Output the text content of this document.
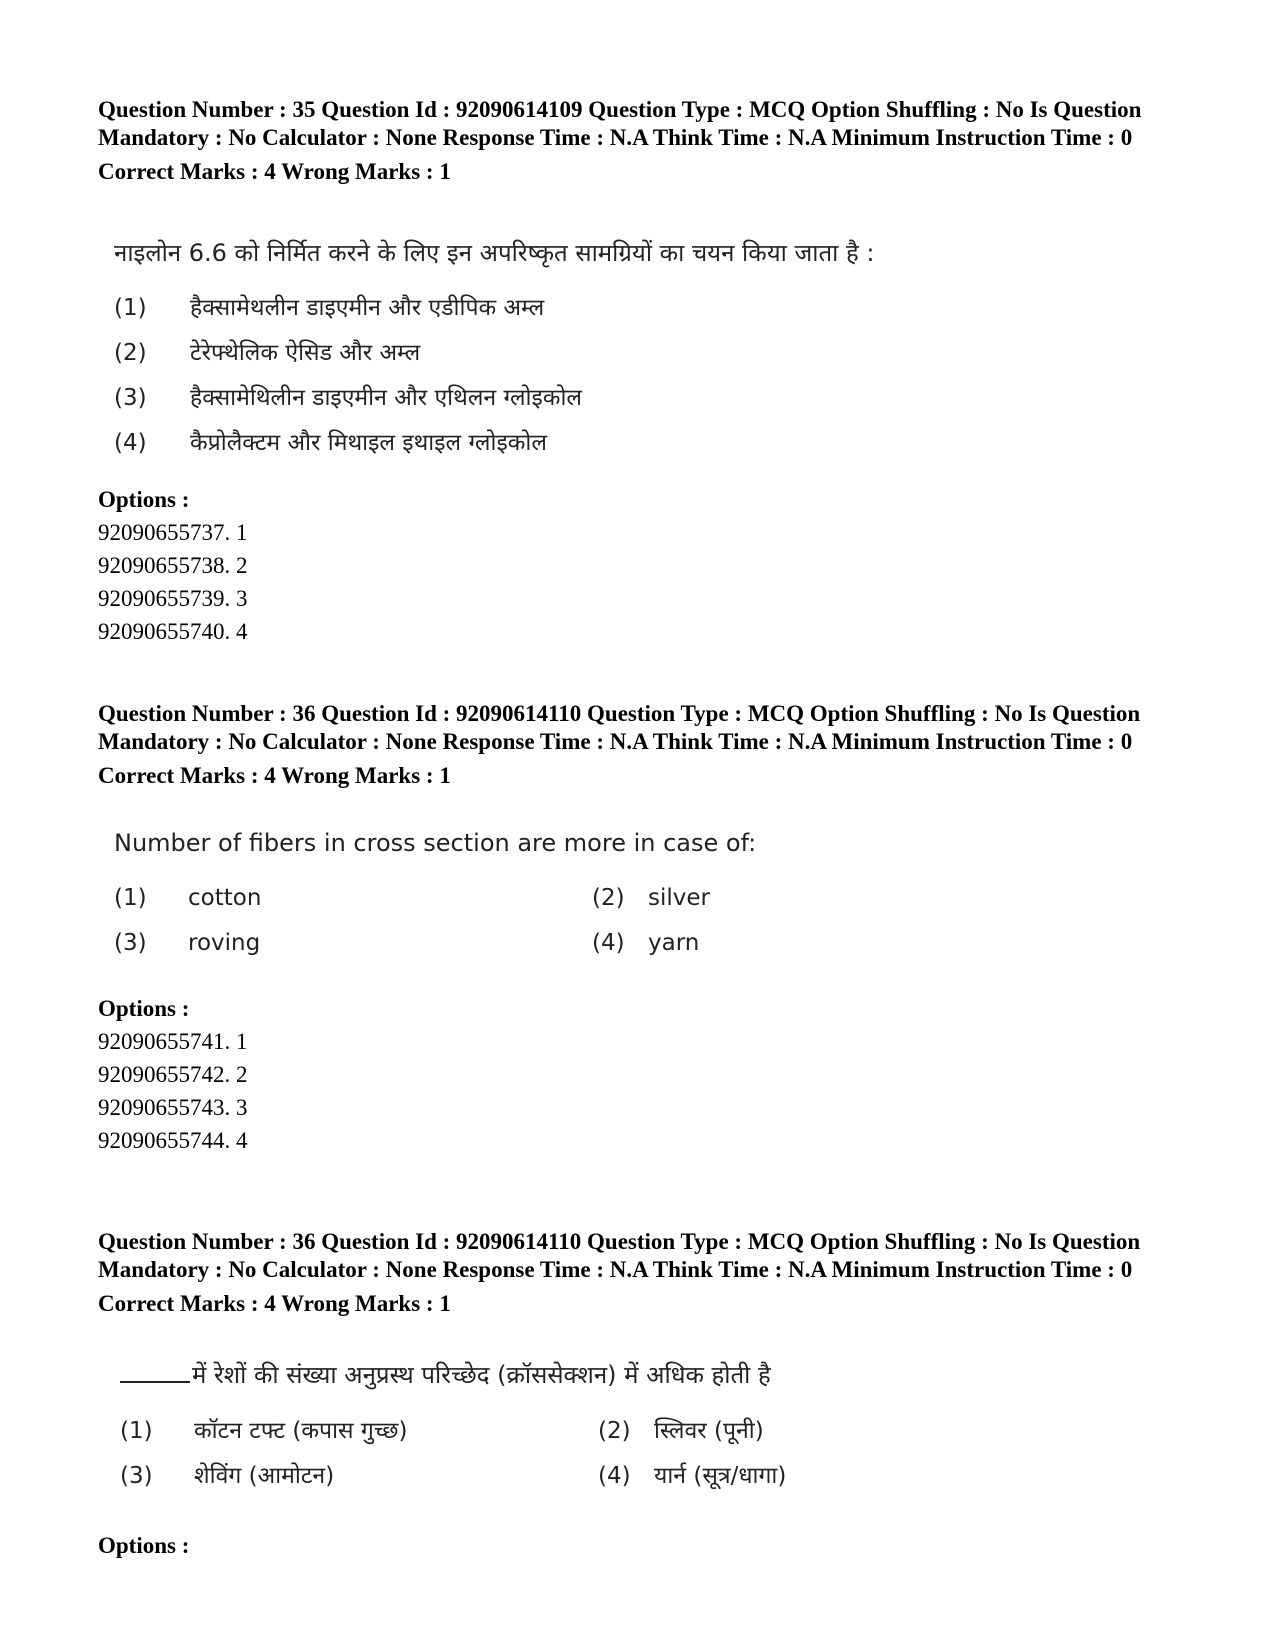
Question Number : 35 Question Id : 92090614109 Question Type : MCQ Option Shuffling : No Is Question Mandatory : No Calculator : None Response Time : N.A Think Time : N.A Minimum Instruction Time : 0

Correct Marks : 4 Wrong Marks : 1
नाइलोन 6.6 को निर्मित करने के लिए इन अपरिष्कृत सामग्रियों का चयन किया जाता है :
(1) हैक्सामेथलीन डाइएमीन और एडीपिक अम्ल
(2) टेरेफ्थेलिक ऐसिड और अम्ल
(3) हैक्सामेथिलीन डाइएमीन और एथिलन ग्लोइकोल
(4) कैप्रोलैक्टम और मिथाइल इथाइल ग्लोइकोल
Options :
92090655737. 1
92090655738. 2
92090655739. 3
92090655740. 4

Question Number : 36 Question Id : 92090614110 Question Type : MCQ Option Shuffling : No Is Question Mandatory : No Calculator : None Response Time : N.A Think Time : N.A Minimum Instruction Time : 0

Correct Marks : 4 Wrong Marks : 1
Number of fibers in cross section are more in case of:
(1) cotton	(2) silver
(3) roving	(4) yarn
Options :
92090655741. 1
92090655742. 2
92090655743. 3
92090655744. 4

Question Number : 36 Question Id : 92090614110 Question Type : MCQ Option Shuffling : No Is Question Mandatory : No Calculator : None Response Time : N.A Think Time : N.A Minimum Instruction Time : 0

Correct Marks : 4 Wrong Marks : 1
में रेशों की संख्या अनुप्रस्थ परिच्छेद (क्रॉससेक्शन) में अधिक होती है
(1) कॉटन टफ्ट (कपास गुच्छ)	(2) स्लिवर (पूनी)
(3) शेविंग (आमोटन)	(4) यार्न (सूत्र/धागा)
Options :
